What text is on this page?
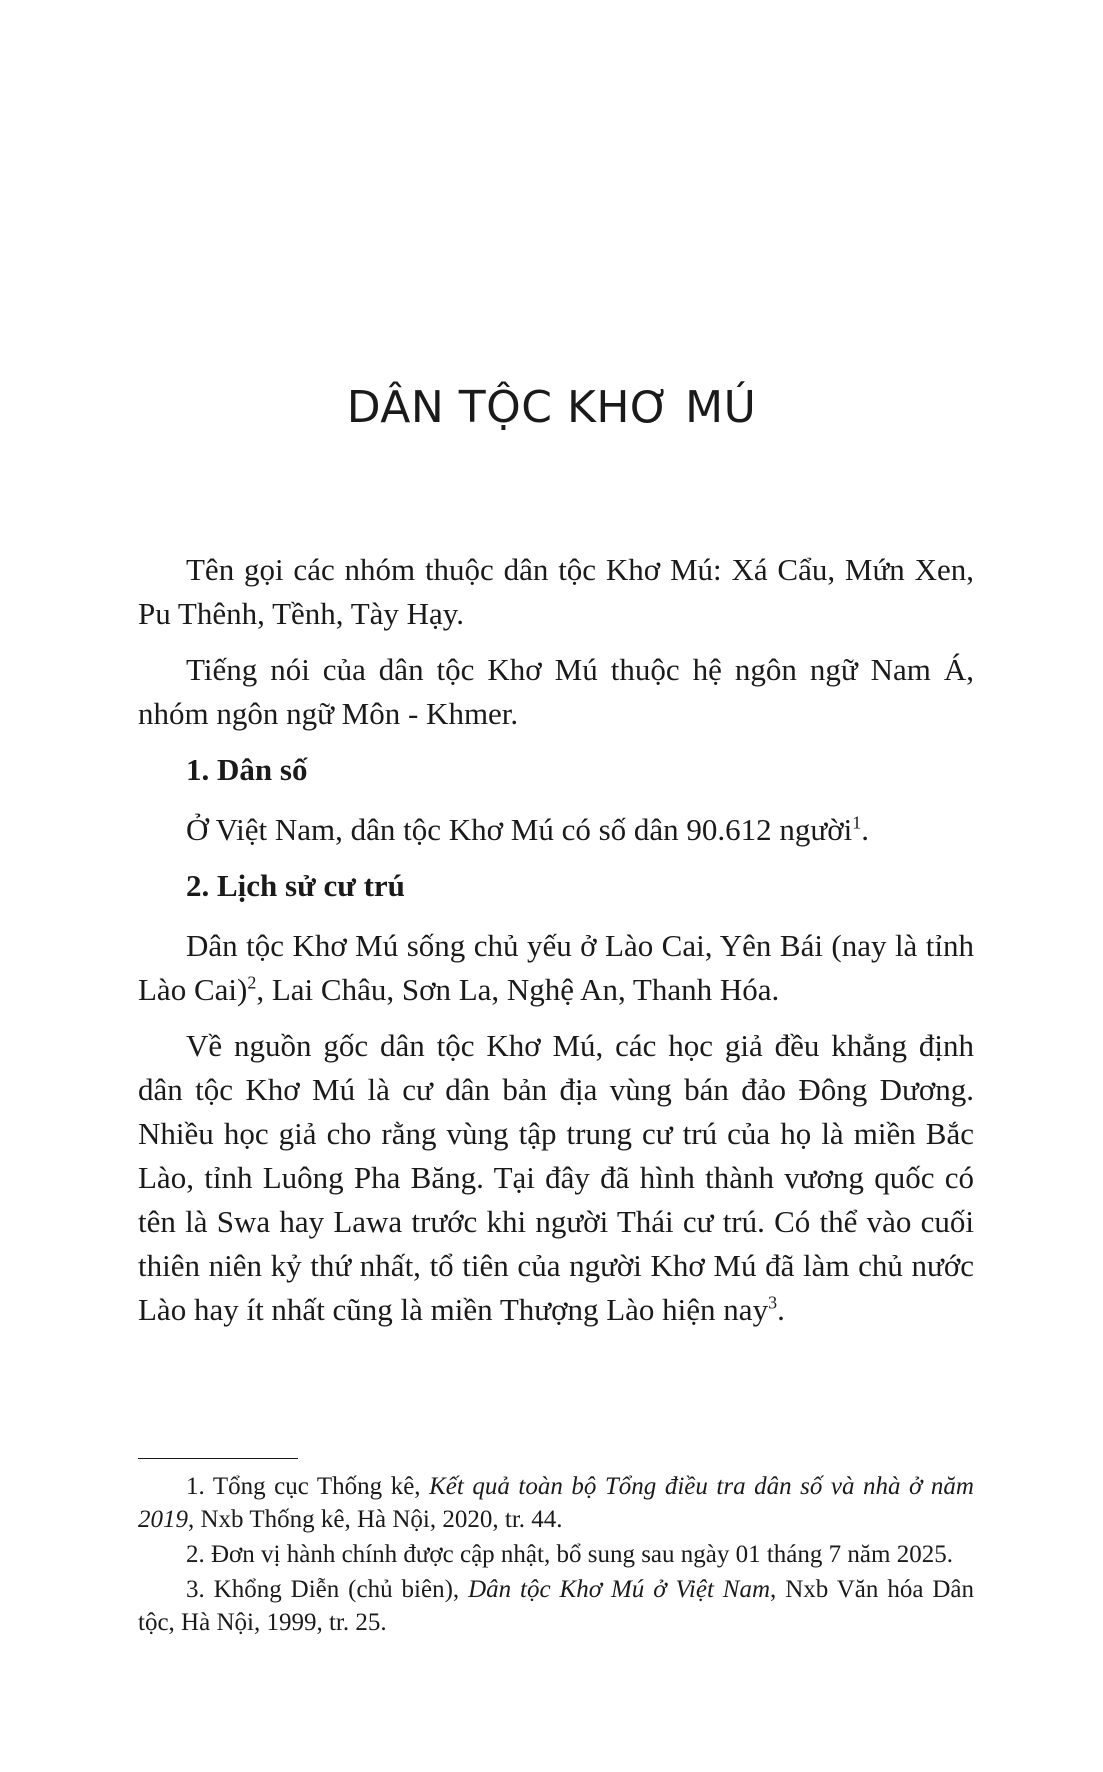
DÂN TỘC KHƠ MÚ

Tên gọi các nhóm thuộc dân tộc Khơ Mú: Xá Cẩu, Mứn Xen, Pu Thênh, Tềnh, Tày Hạy.

Tiếng nói của dân tộc Khơ Mú thuộc hệ ngôn ngữ Nam Á, nhóm ngôn ngữ Môn - Khmer.

1. Dân số

Ở Việt Nam, dân tộc Khơ Mú có số dân 90.612 người$^1$.

2. Lịch sử cư trú

Dân tộc Khơ Mú sống chủ yếu ở Lào Cai, Yên Bái (nay là tỉnh Lào Cai)$^2$, Lai Châu, Sơn La, Nghệ An, Thanh Hóa.

Về nguồn gốc dân tộc Khơ Mú, các học giả đều khẳng định dân tộc Khơ Mú là cư dân bản địa vùng bán đảo Đông Dương. Nhiều học giả cho rằng vùng tập trung cư trú của họ là miền Bắc Lào, tỉnh Luông Pha Băng. Tại đây đã hình thành vương quốc có tên là Swa hay Lawa trước khi người Thái cư trú. Có thể vào cuối thiên niên kỷ thứ nhất, tổ tiên của người Khơ Mú đã làm chủ nước Lào hay ít nhất cũng là miền Thượng Lào hiện nay$^3$.

1. Tổng cục Thống kê, Kết quả toàn bộ Tổng điều tra dân số và nhà ở năm 2019, Nxb Thống kê, Hà Nội, 2020, tr. 44.

2. Đơn vị hành chính được cập nhật, bổ sung sau ngày 01 tháng 7 năm 2025.

3. Khổng Diễn (chủ biên), Dân tộc Khơ Mú ở Việt Nam, Nxb Văn hóa Dân tộc, Hà Nội, 1999, tr. 25.
